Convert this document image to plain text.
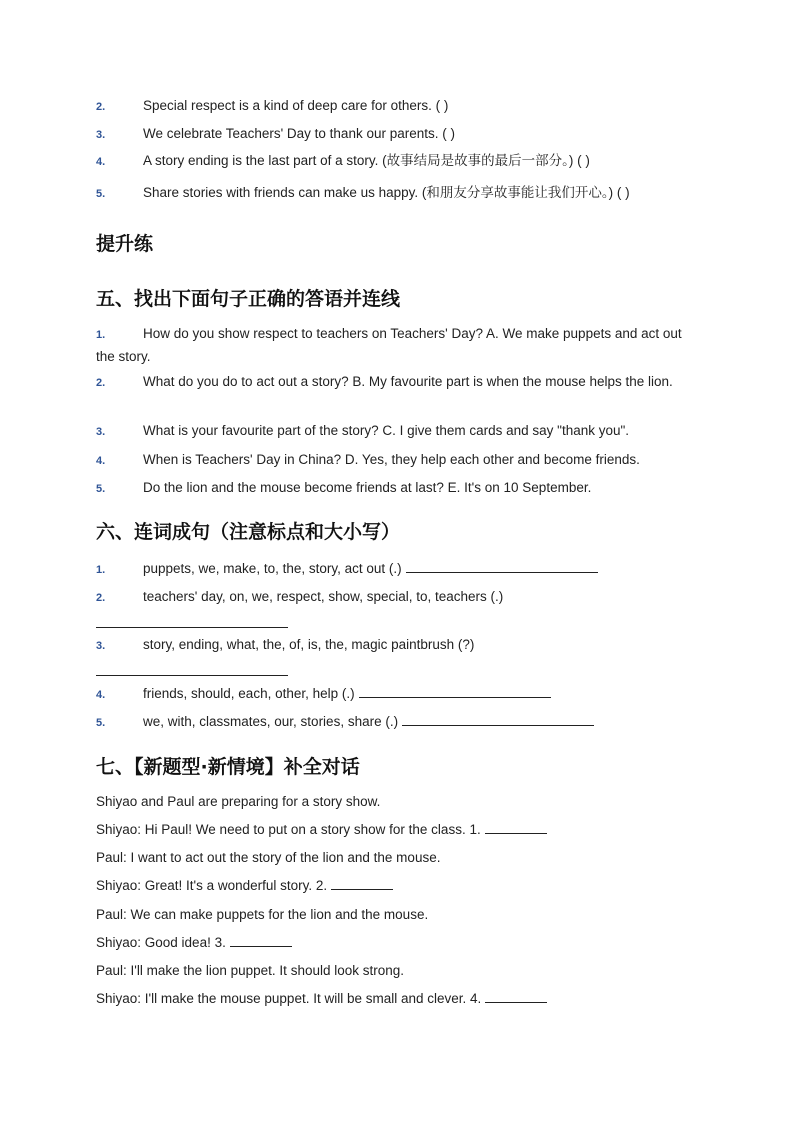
2.	Special respect is a kind of deep care for others. ( )
3.	We celebrate Teachers' Day to thank our parents. ( )
4.	A story ending is the last part of a story. (故事结局是故事的最后一部分。) ( )
5.	Share stories with friends can make us happy. (和朋友分享故事能让我们开心。) ( )
提升练
五、找出下面句子正确的答语并连线
1.	How do you show respect to teachers on Teachers' Day? A. We make puppets and act out the story.
2.	What do you do to act out a story? B. My favourite part is when the mouse helps the lion.
3.	What is your favourite part of the story? C. I give them cards and say "thank you".
4.	When is Teachers' Day in China? D. Yes, they help each other and become friends.
5.	Do the lion and the mouse become friends at last? E. It's on 10 September.
六、连词成句（注意标点和大小写）
1.	puppets, we, make, to, the, story, act out (.)
2.	teachers' day, on, we, respect, show, special, to, teachers (.)
3.	story, ending, what, the, of, is, the, magic paintbrush (?)
4.	friends, should, each, other, help (.)
5.	we, with, classmates, our, stories, share (.)
七、【新题型·新情境】补全对话
Shiyao and Paul are preparing for a story show.
Shiyao: Hi Paul! We need to put on a story show for the class. 1.
Paul: I want to act out the story of the lion and the mouse.
Shiyao: Great! It's a wonderful story. 2.
Paul: We can make puppets for the lion and the mouse.
Shiyao: Good idea! 3.
Paul: I'll make the lion puppet. It should look strong.
Shiyao: I'll make the mouse puppet. It will be small and clever. 4.
